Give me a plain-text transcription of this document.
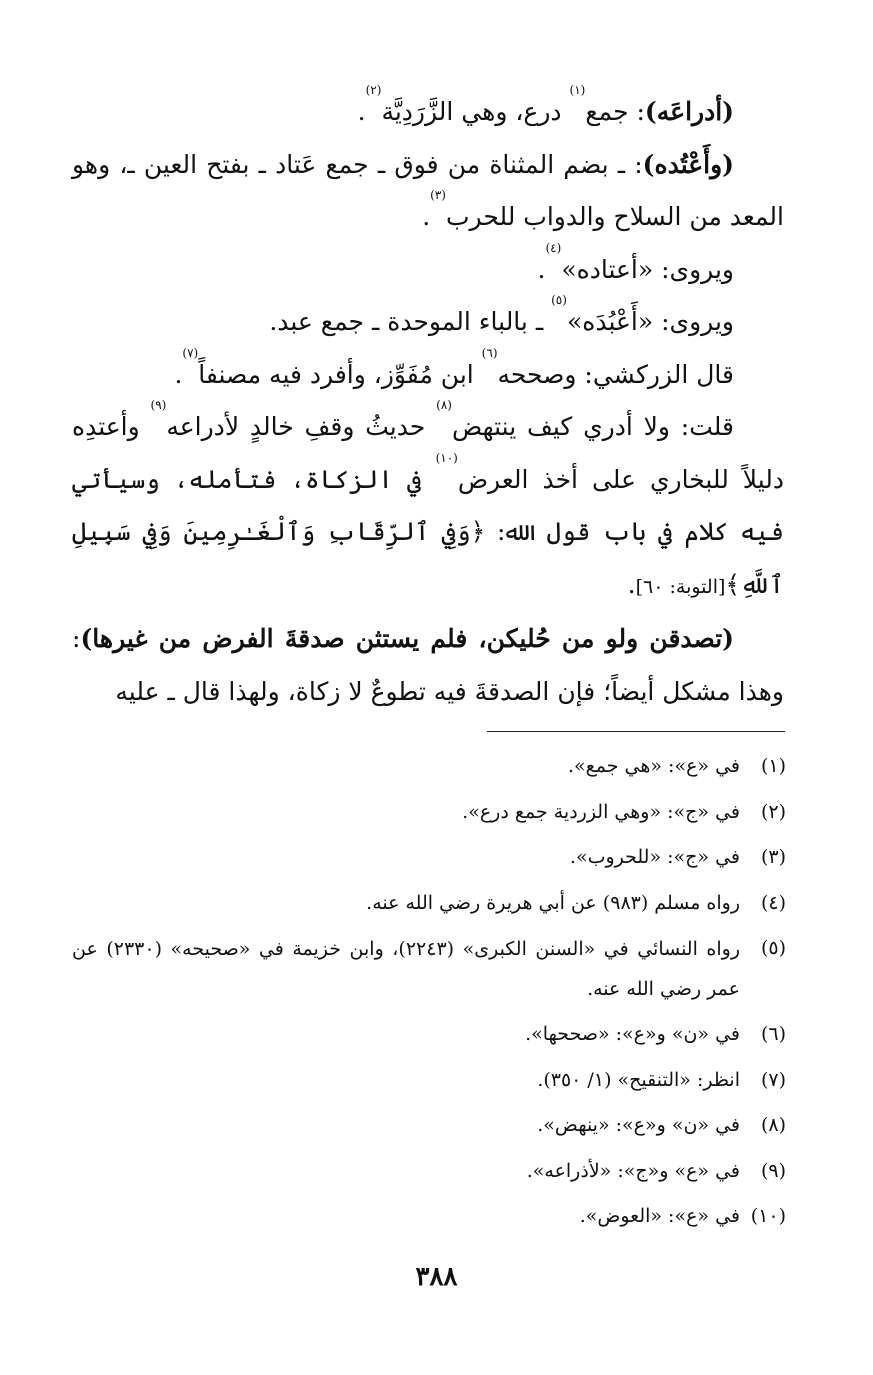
(أدراعَه): جمع$^{(١)}$ درع، وهي الزَّرَدِيَّة$^{(٢)}$.

(وأَعْتُده): ـ بضم المثناة من فوق ـ جمع عَتاد ـ بفتح العين ـ، وهو المعد من السلاح والدواب للحرب$^{(٣)}$.

ويروى: «أعتاده»$^{(٤)}$.

ويروى: «أَعْبُدَه»$^{(٥)}$ ـ بالباء الموحدة ـ جمع عبد.

قال الزركشي: وصححه$^{(٦)}$ ابن مُفَوِّز، وأفرد فيه مصنفاً$^{(٧)}$.

قلت: ولا أدري كيف ينتهض$^{(٨)}$ حديثُ وقفِ خالدٍ لأدراعه$^{(٩)}$ وأعتدِه دليلاً للبخاري على أخذ العرض$^{(١٠)}$ في الزكاة، فتأمله، وسيأتي فيه كلام في باب قول الله: ﴿وَفِي ٱلرِّقَابِ وَٱلْغَـٰرِمِينَ وَفِي سَبِيلِ ٱللَّهِ﴾[التوبة: ٦٠].

(تصدقن ولو من حُليكن، فلم يستثن صدقةَ الفرض من غيرها): وهذا مشكل أيضاً؛ فإن الصدقةَ فيه تطوعٌ لا زكاة، ولهذا قال ـ عليه

(١)
في «ع»: «هي جمع».
(٢)
في «ج»: «وهي الزردية جمع درع».
(٣)
في «ج»: «للحروب».
(٤)
رواه مسلم (٩٨٣) عن أبي هريرة رضي الله عنه.
(٥)
رواه النسائي في «السنن الكبرى» (٢٢٤٣)، وابن خزيمة في «صحيحه» (٢٣٣٠) عن عمر رضي الله عنه.
(٦)
في «ن» و«ع»: «صححها».
(٧)
انظر: «التنقيح» (١/ ٣٥٠).
(٨)
في «ن» و«ع»: «ينهض».
(٩)
في «ع» و«ج»: «لأذراعه».
(١٠)
في «ع»: «العوض».
٣٨٨
